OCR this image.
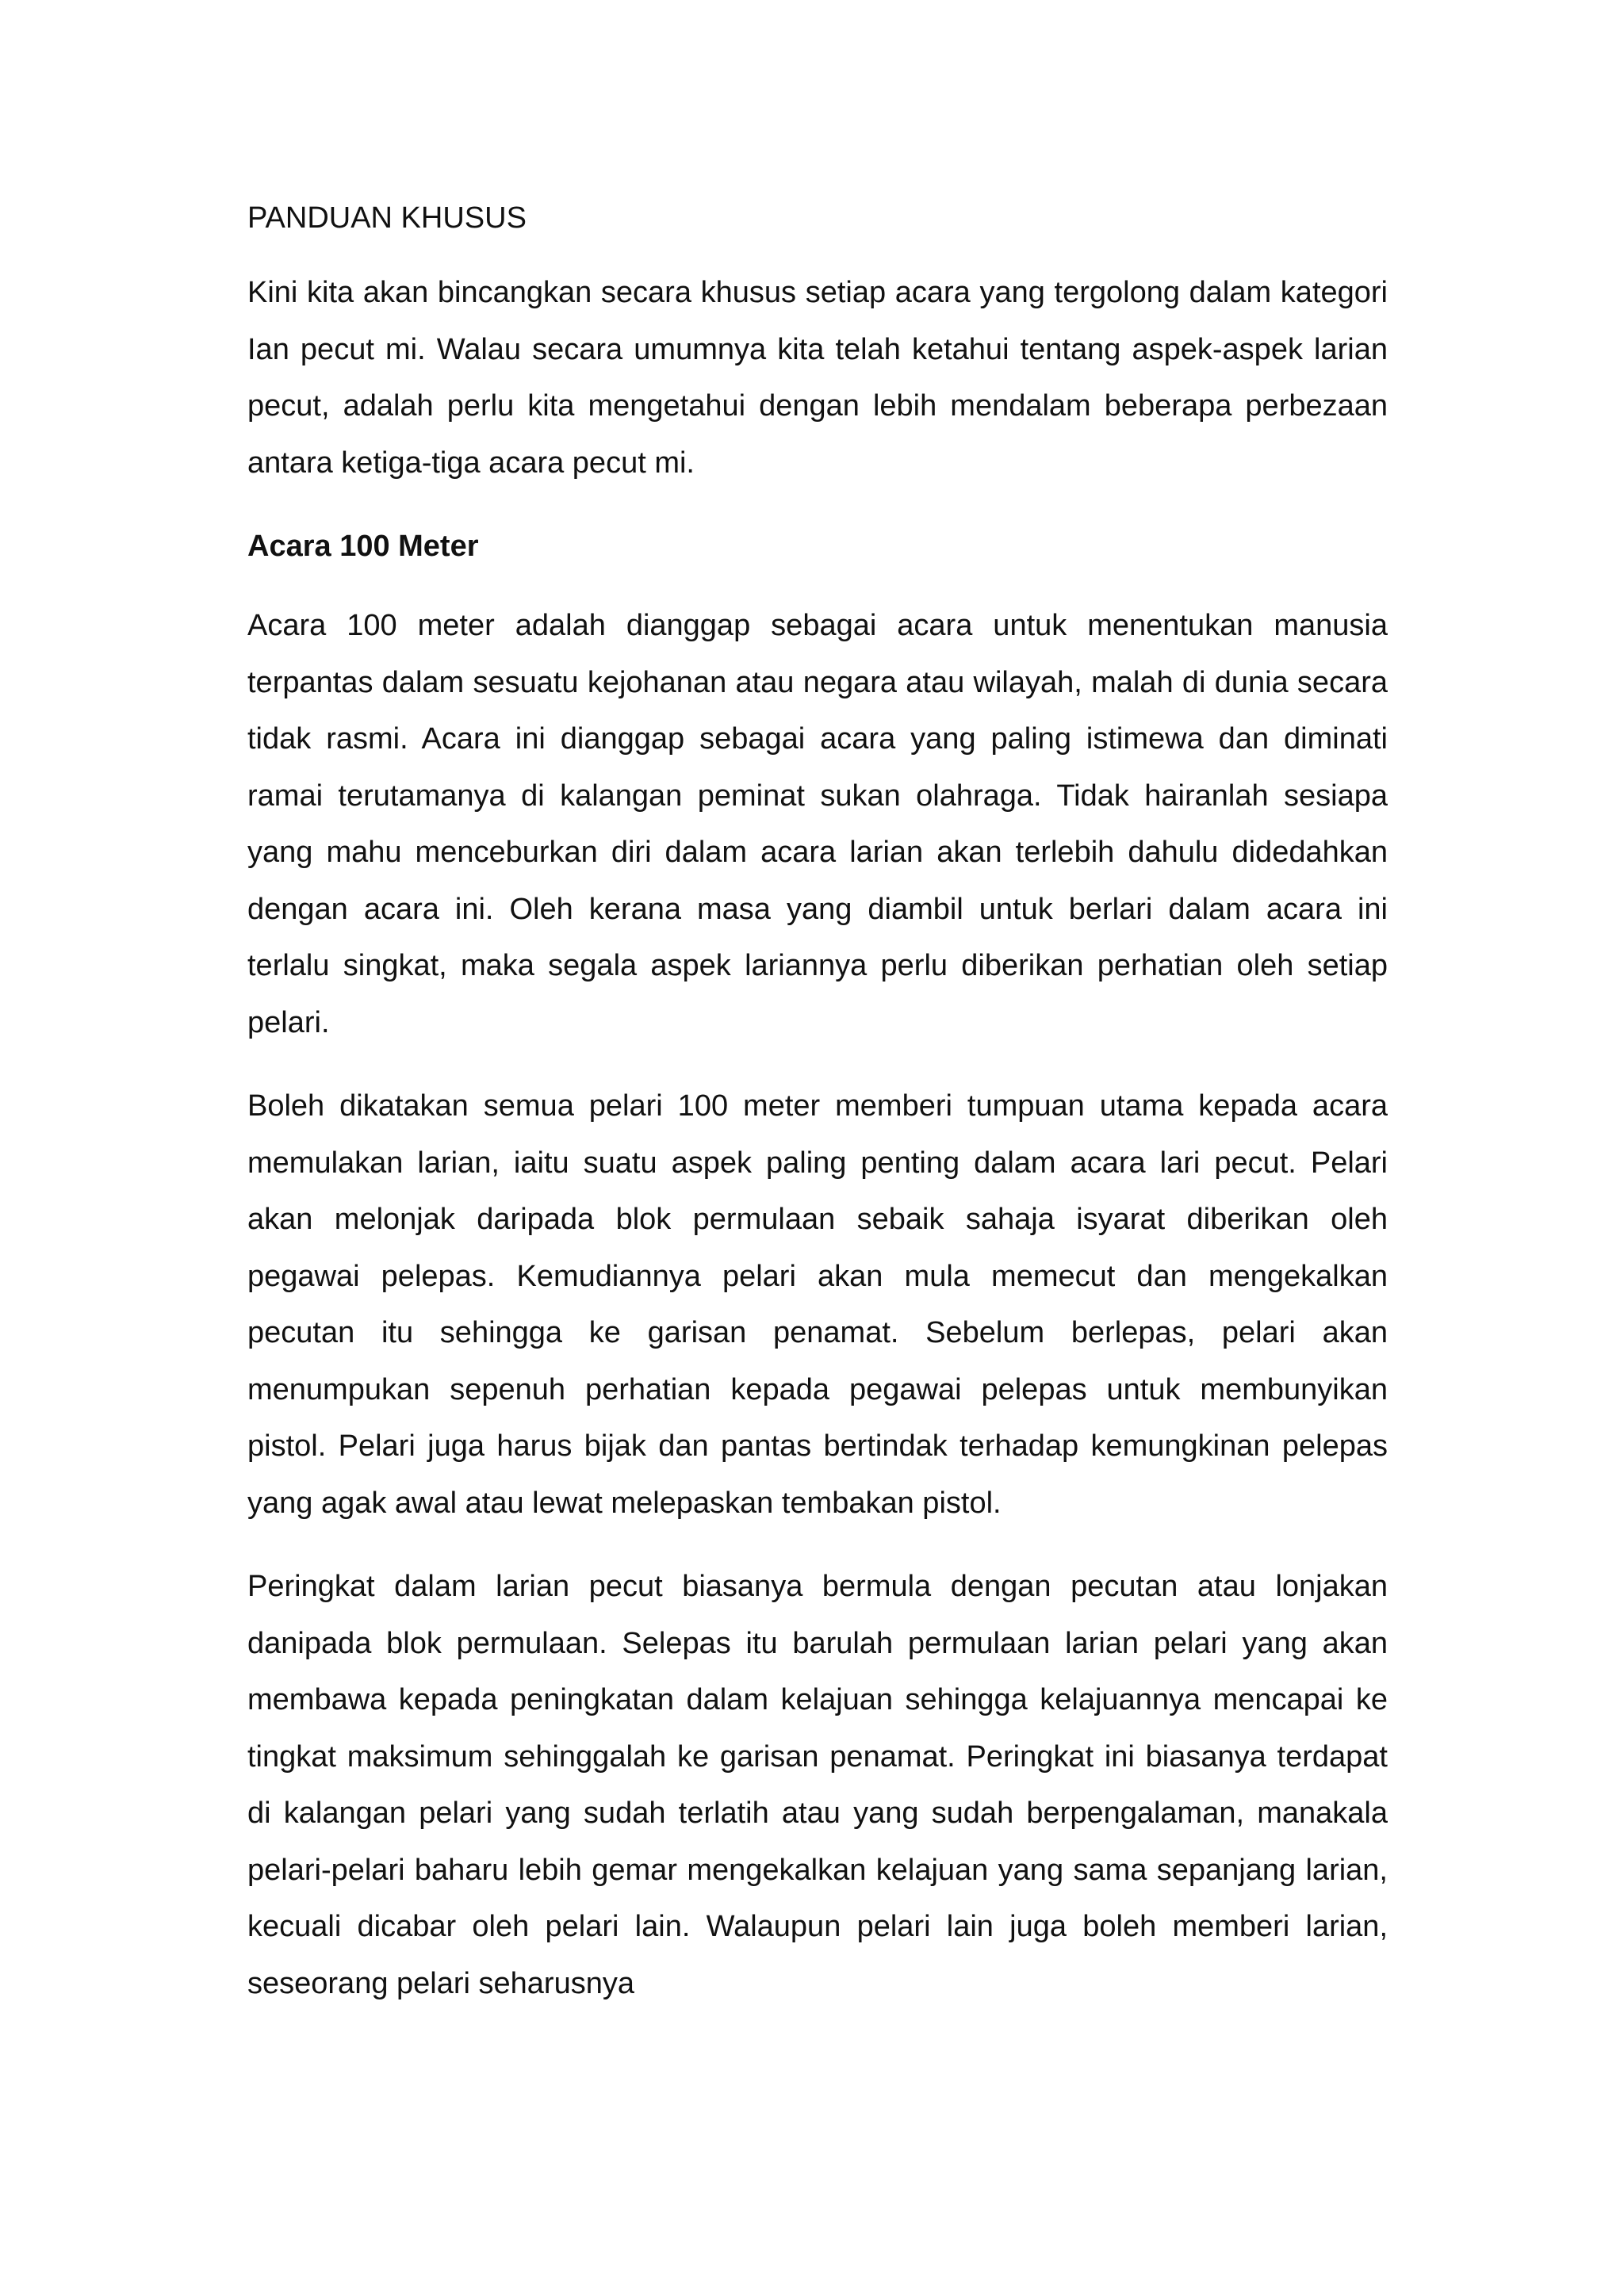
PANDUAN KHUSUS

Kini kita akan bincangkan secara khusus setiap acara yang tergolong dalam kategori Ian pecut mi. Walau secara umumnya kita telah ketahui tentang aspek-aspek larian pecut, adalah perlu kita mengetahui dengan lebih mendalam beberapa perbezaan antara ketiga-tiga acara pecut mi.

Acara 100 Meter

Acara 100 meter adalah dianggap sebagai acara untuk menentukan manusia terpantas dalam sesuatu kejohanan atau negara atau wilayah, malah di dunia secara tidak rasmi. Acara ini dianggap sebagai acara yang paling istimewa dan diminati ramai terutamanya di kalangan peminat sukan olahraga. Tidak hairanlah sesiapa yang mahu menceburkan diri dalam acara larian akan terlebih dahulu didedahkan dengan acara ini. Oleh kerana masa yang diambil untuk berlari dalam acara ini terlalu singkat, maka segala aspek lariannya perlu diberikan perhatian oleh setiap pelari.

Boleh dikatakan semua pelari 100 meter memberi tumpuan utama kepada acara memulakan larian, iaitu suatu aspek paling penting dalam acara lari pecut. Pelari akan melonjak daripada blok permulaan sebaik sahaja isyarat diberikan oleh pegawai pelepas. Kemudiannya pelari akan mula memecut dan mengekalkan pecutan itu sehingga ke garisan penamat. Sebelum berlepas, pelari akan menumpukan sepenuh perhatian kepada pegawai pelepas untuk membunyikan pistol. Pelari juga harus bijak dan pantas bertindak terhadap kemungkinan pelepas yang agak awal atau lewat melepaskan tembakan pistol.

Peringkat dalam larian pecut biasanya bermula dengan pecutan atau lonjakan danipada blok permulaan. Selepas itu barulah permulaan larian pelari yang akan membawa kepada peningkatan dalam kelajuan sehingga kelajuannya mencapai ke tingkat maksimum sehinggalah ke garisan penamat. Peringkat ini biasanya terdapat di kalangan pelari yang sudah terlatih atau yang sudah berpengalaman, manakala pelari-pelari baharu lebih gemar mengekalkan kelajuan yang sama sepanjang larian, kecuali dicabar oleh pelari lain. Walaupun pelari lain juga boleh memberi larian, seseorang pelari seharusnya
